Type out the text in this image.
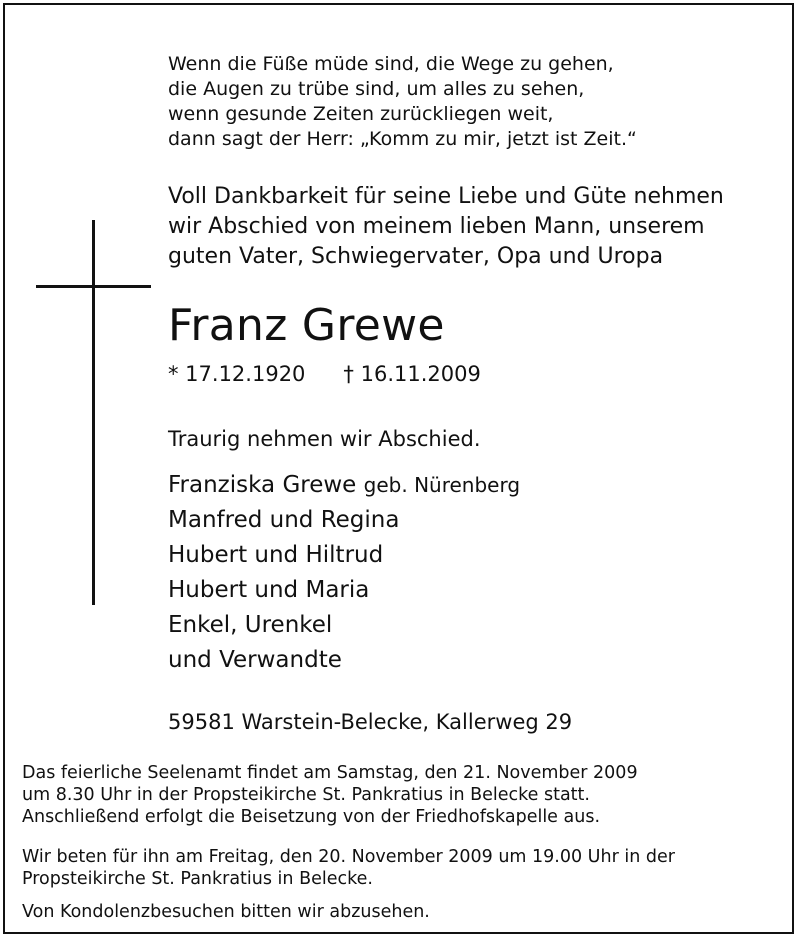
Wenn die Füße müde sind, die Wege zu gehen,
die Augen zu trübe sind, um alles zu sehen,
wenn gesunde Zeiten zurückliegen weit,
dann sagt der Herr: „Komm zu mir, jetzt ist Zeit.“
Voll Dankbarkeit für seine Liebe und Güte nehmen
wir Abschied von meinem lieben Mann, unserem
guten Vater, Schwiegervater, Opa und Uropa
Franz Grewe
* 17.12.1920 † 16.11.2009
Traurig nehmen wir Abschied.
Franziska Grewe geb. Nürenberg
Manfred und Regina
Hubert und Hiltrud
Hubert und Maria
Enkel, Urenkel
und Verwandte
59581 Warstein-Belecke, Kallerweg 29
Das feierliche Seelenamt findet am Samstag, den 21. November 2009
um 8.30 Uhr in der Propsteikirche St. Pankratius in Belecke statt.
Anschließend erfolgt die Beisetzung von der Friedhofskapelle aus.
Wir beten für ihn am Freitag, den 20. November 2009 um 19.00 Uhr in der
Propsteikirche St. Pankratius in Belecke.
Von Kondolenzbesuchen bitten wir abzusehen.
